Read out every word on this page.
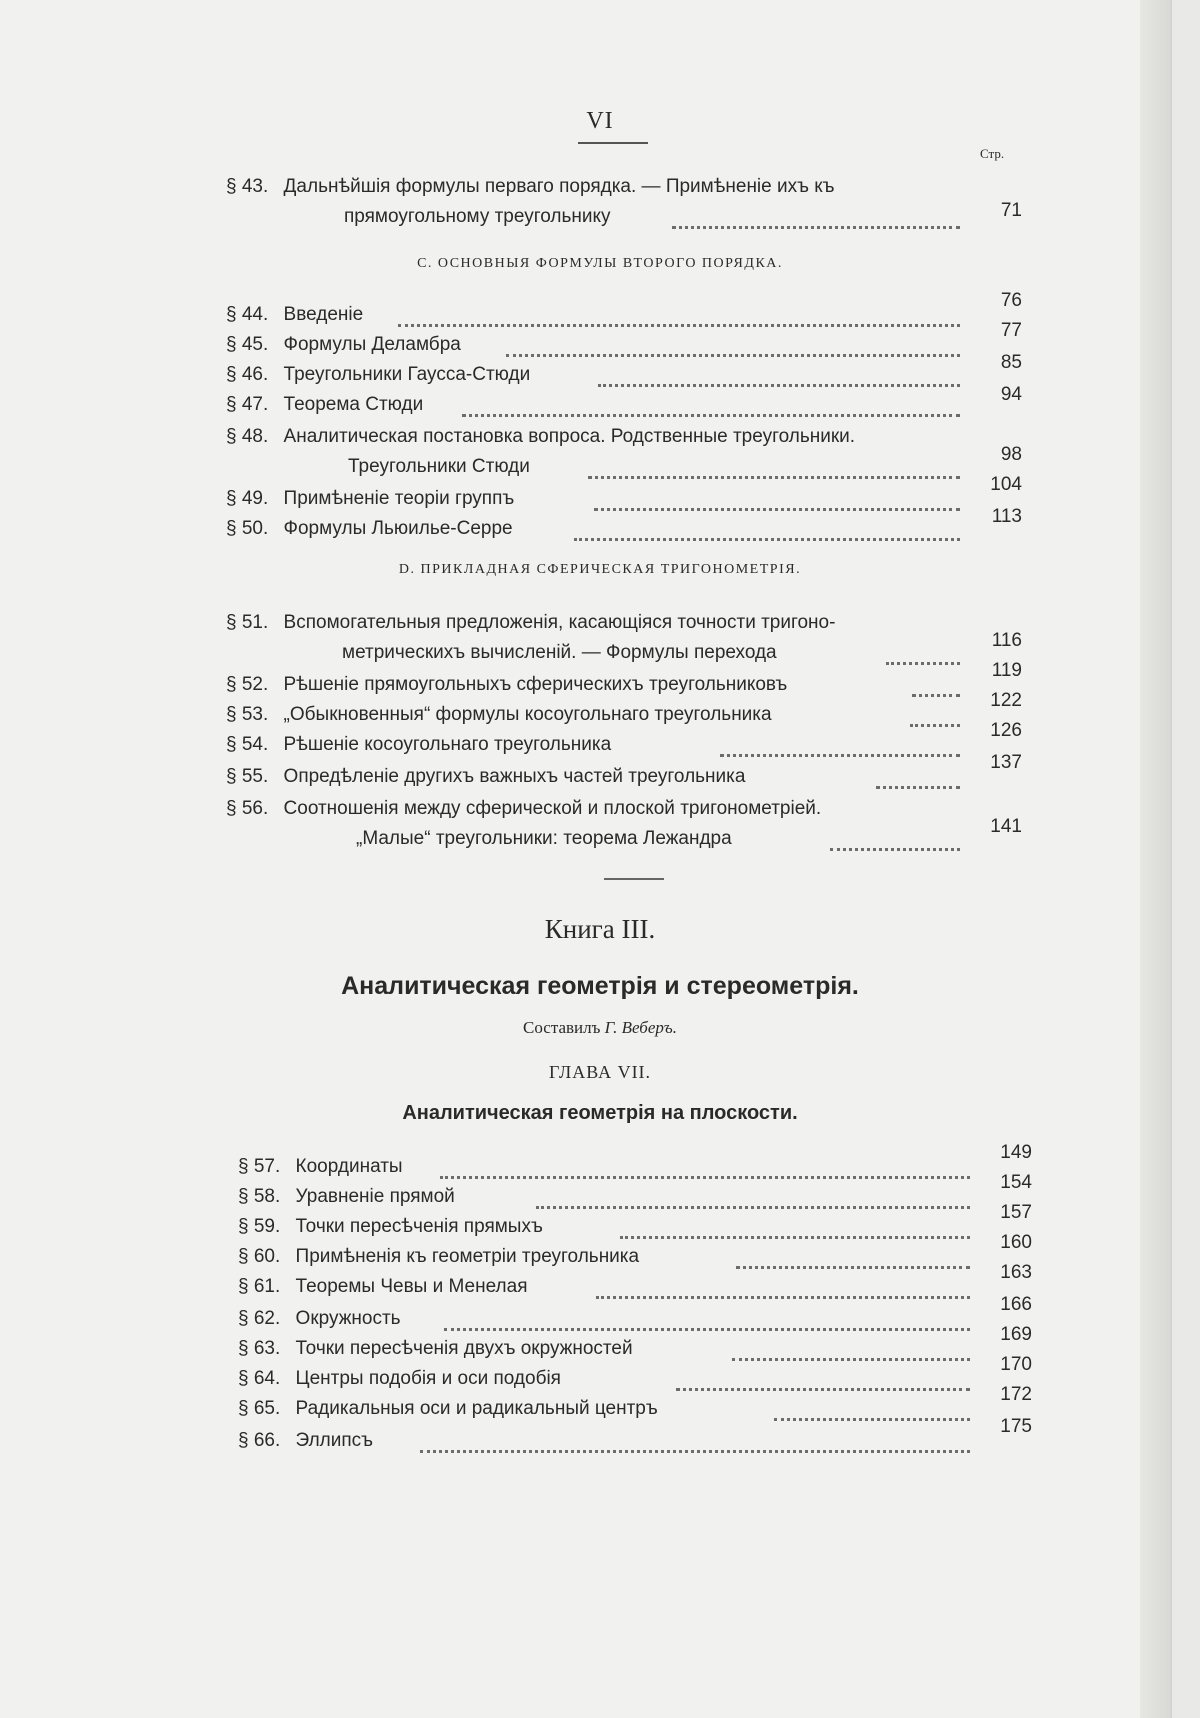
VI
Стр.
§ 43. Дальнѣйшія формулы перваго порядка. — Примѣненіе ихъ къ
прямоугольному треугольнику	71
С. ОСНОВНЫЯ ФОРМУЛЫ ВТОРОГО ПОРЯДКА.
§ 44. Введеніе
76
§ 45. Формулы Деламбра
77
§ 46. Треугольники Гаусса-Стюди
85
§ 47. Теорема Стюди	94
§ 48. Аналитическая постановка вопроса. Родственные треугольники.
Треугольники Стюди
98
§ 49. Примѣненіе теоріи группъ
104
§ 50. Формулы Льюилье-Серре
113
D. ПРИКЛАДНАЯ СФЕРИЧЕСКАЯ ТРИГОНОМЕТРІЯ.
§ 51. Вспомогательныя предложенія, касающіяся точности тригоно-
метрическихъ вычисленій. — Формулы перехода
116
§ 52. Рѣшеніе прямоугольныхъ сферическихъ треугольниковъ
119
§ 53. „Обыкновенныя“ формулы косоугольнаго треугольника
122
§ 54. Рѣшеніе косоугольнаго треугольника
126
§ 55. Опредѣленіе другихъ важныхъ частей треугольника
137
§ 56. Соотношенія между сферической и плоской тригонометріей.
„Малые“ треугольники: теорема Лежандра
141
Книга III.
Аналитическая геометрія и стереометрія.
Составилъ Г. Веберъ.
ГЛАВА VII.
Аналитическая геометрія на плоскости.
§ 57. Координаты
149
§ 58. Уравненіе прямой
154
§ 59. Точки пересѣченія прямыхъ
157
§ 60. Примѣненія къ геометріи треугольника
160
§ 61. Теоремы Чевы и Менелая
163
§ 62. Окружность
166
§ 63. Точки пересѣченія двухъ окружностей
169
§ 64. Центры подобія и оси подобія
170
§ 65. Радикальныя оси и радикальный центръ
172
§ 66. Эллипсъ
175
